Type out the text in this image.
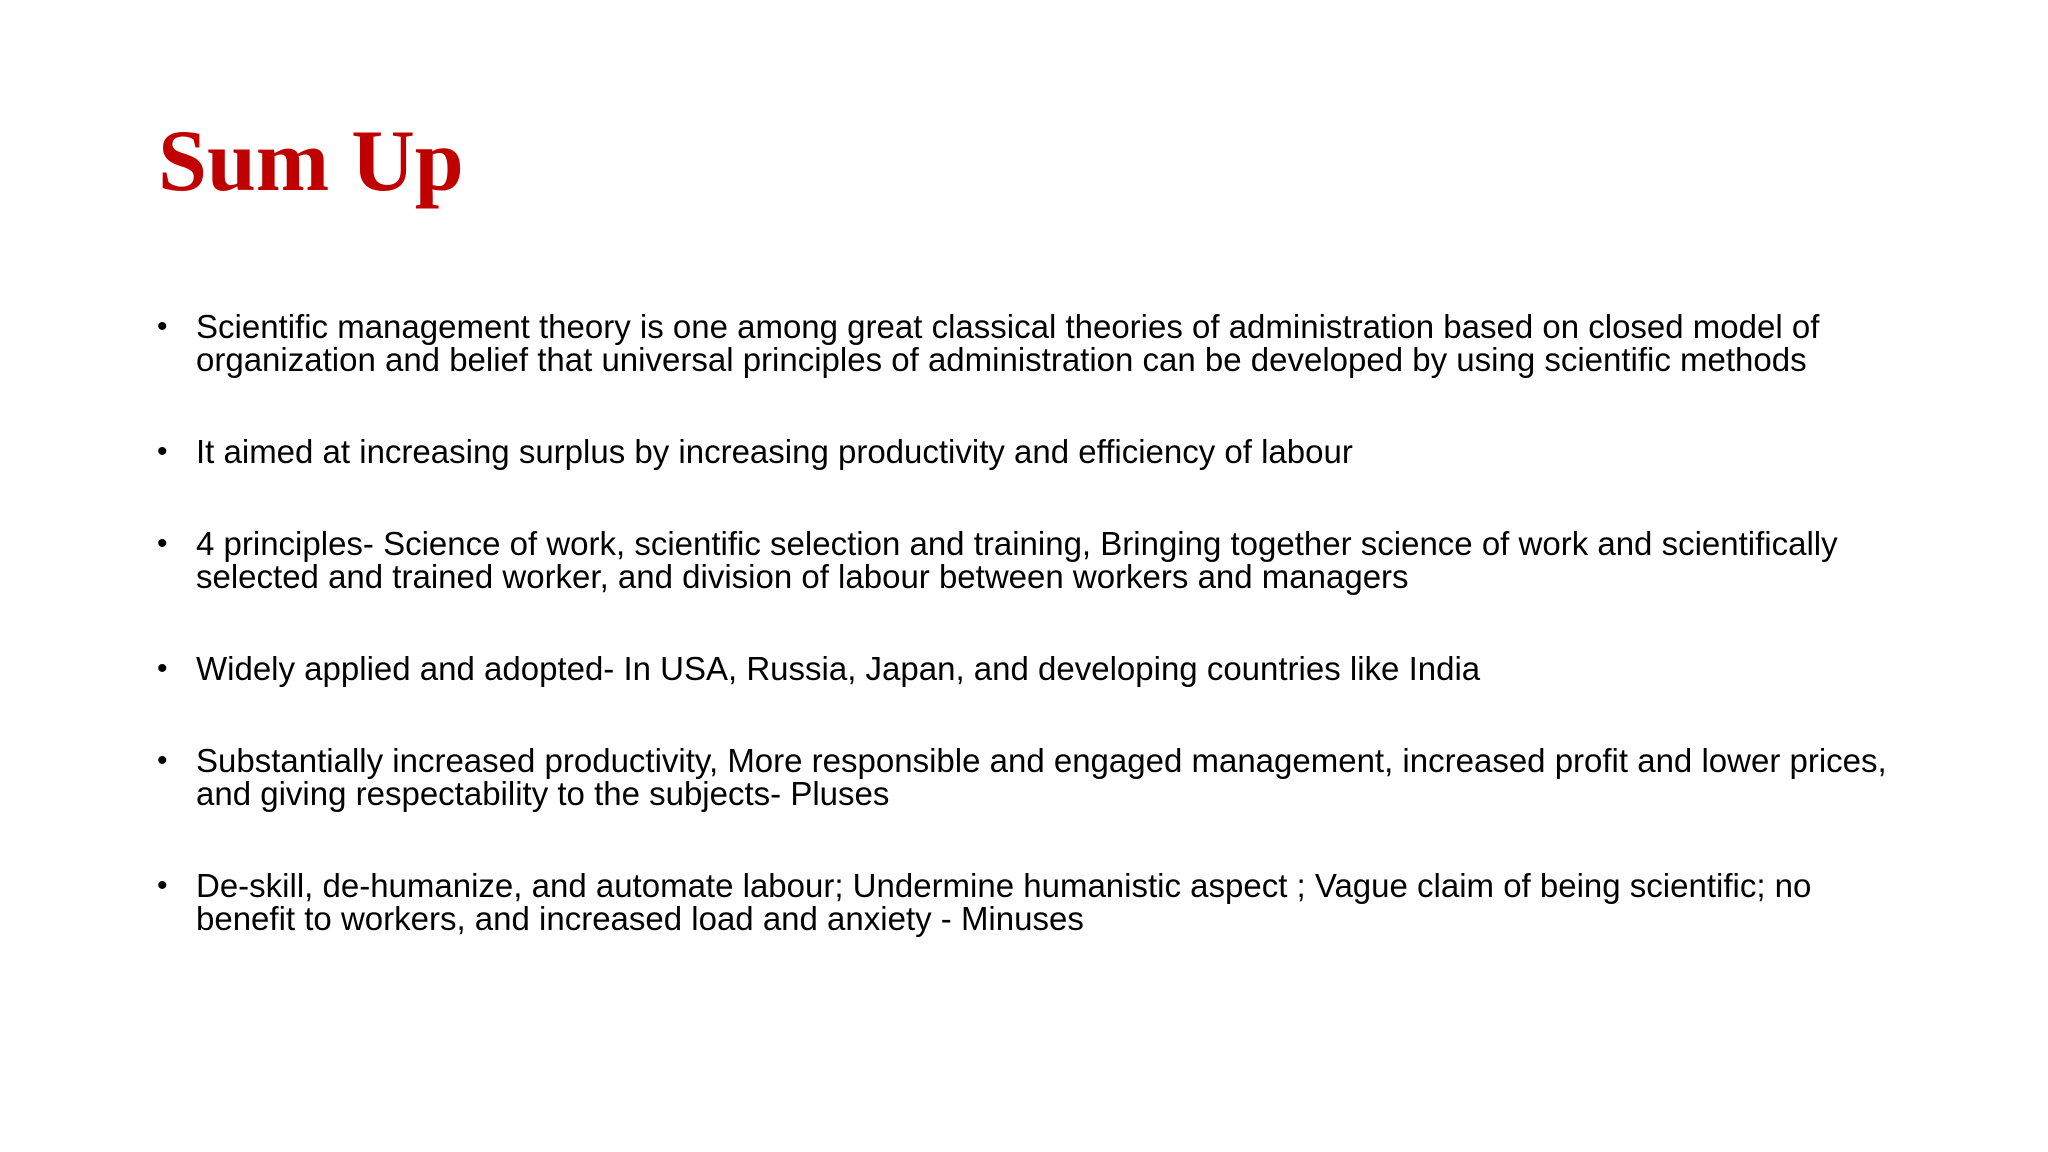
Sum Up
• Scientific management theory is one among great classical theories of administration based on closed model of organization and belief that universal principles of administration can be developed by using scientific methods
• It aimed at increasing surplus by increasing productivity and efficiency of labour
• 4 principles- Science of work, scientific selection and training, Bringing together science of work and scientifically selected and trained worker, and division of labour between workers and managers
• Widely applied and adopted- In USA, Russia, Japan, and developing countries like India
• Substantially increased productivity, More responsible and engaged management, increased profit and lower prices, and giving respectability to the subjects- Pluses
• De-skill, de-humanize, and automate labour; Undermine humanistic aspect ; Vague claim of being scientific; no benefit to workers, and increased load and anxiety - Minuses
